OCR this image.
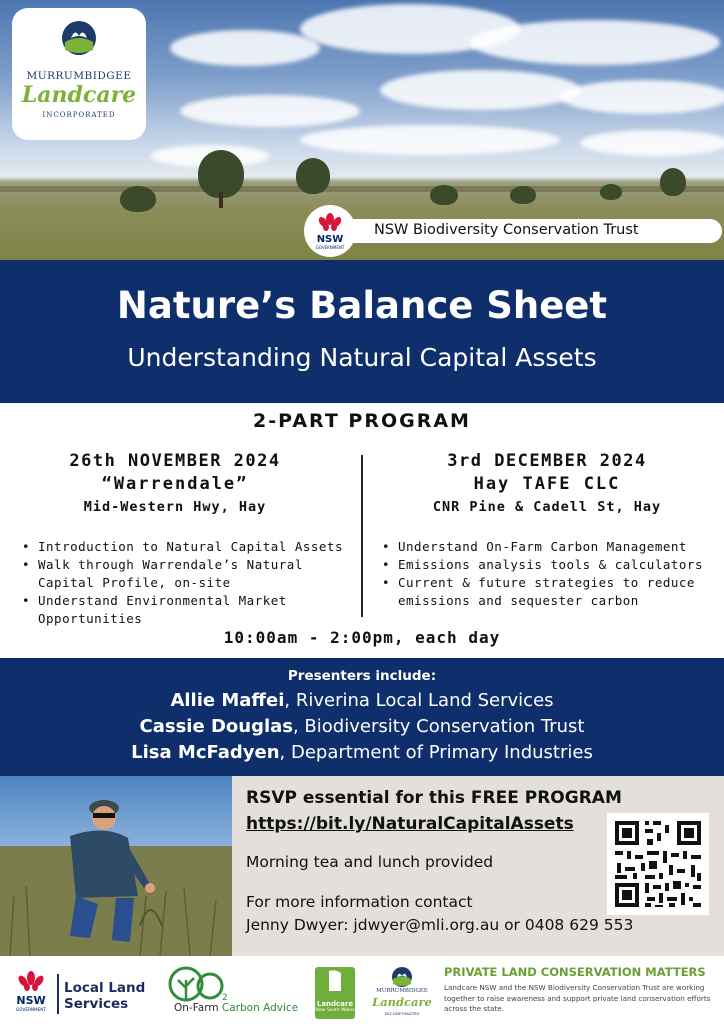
MURRUMBIDGEE
Landcare
INCORPORATED
NSW
GOVERNMENT
NSW Biodiversity Conservation Trust
Nature’s Balance Sheet
Understanding Natural Capital Assets
2-PART PROGRAM
26th NOVEMBER 2024
“Warrendale”
Mid-Western Hwy, Hay
3rd DECEMBER 2024
Hay TAFE CLC
CNR Pine & Cadell St, Hay
• Introduction to Natural Capital Assets
• Walk through Warrendale’s Natural Capital Profile, on-site
• Understand Environmental Market Opportunities
• Understand On-Farm Carbon Management
• Emissions analysis tools & calculators
• Current & future strategies to reduce emissions and sequester carbon
10:00am - 2:00pm, each day
Presenters include:
Allie Maffei, Riverina Local Land Services
Cassie Douglas, Biodiversity Conservation Trust
Lisa McFadyen, Department of Primary Industries
RSVP essential for this FREE PROGRAM
https://bit.ly/NaturalCapitalAssets
Morning tea and lunch provided
For more information contact
Jenny Dwyer: jdwyer@mli.org.au or 0408 629 553
NSW
GOVERNMENT
Local Land
Services	2
On-Farm Carbon Advice	Landcare
New South Wales
MURRUMBIDGEE
Landcare
INCORPORATED
PRIVATE LAND CONSERVATION MATTERS
Landcare NSW and the NSW Biodiversity Conservation Trust are working together to raise awareness and support private land conservation efforts across the state.
